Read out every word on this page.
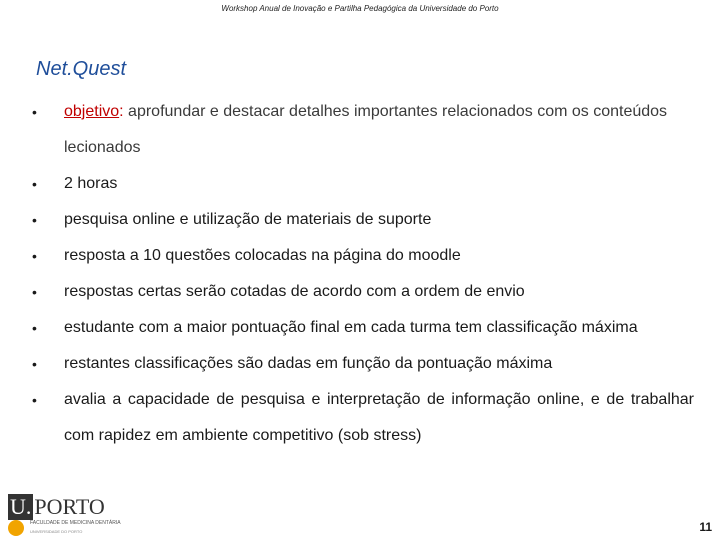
Workshop Anual de Inovação e Partilha Pedagógica da Universidade do Porto
Net.Quest
• objetivo: aprofundar e destacar detalhes importantes relacionados com os conteúdos lecionados
• 2 horas
• pesquisa online e utilização de materiais de suporte
• resposta a 10 questões colocadas na página do moodle
• respostas certas serão cotadas de acordo com a ordem de envio
• estudante com a maior pontuação final em cada turma tem classificação máxima
• restantes classificações são dadas em função da pontuação máxima
• avalia a capacidade de pesquisa e interpretação de informação online, e de trabalhar com rapidez em ambiente competitivo (sob stress)
U. PORTO
FACULDADE DE MEDICINA DENTÁRIA
UNIVERSIDADE DO PORTO	11
